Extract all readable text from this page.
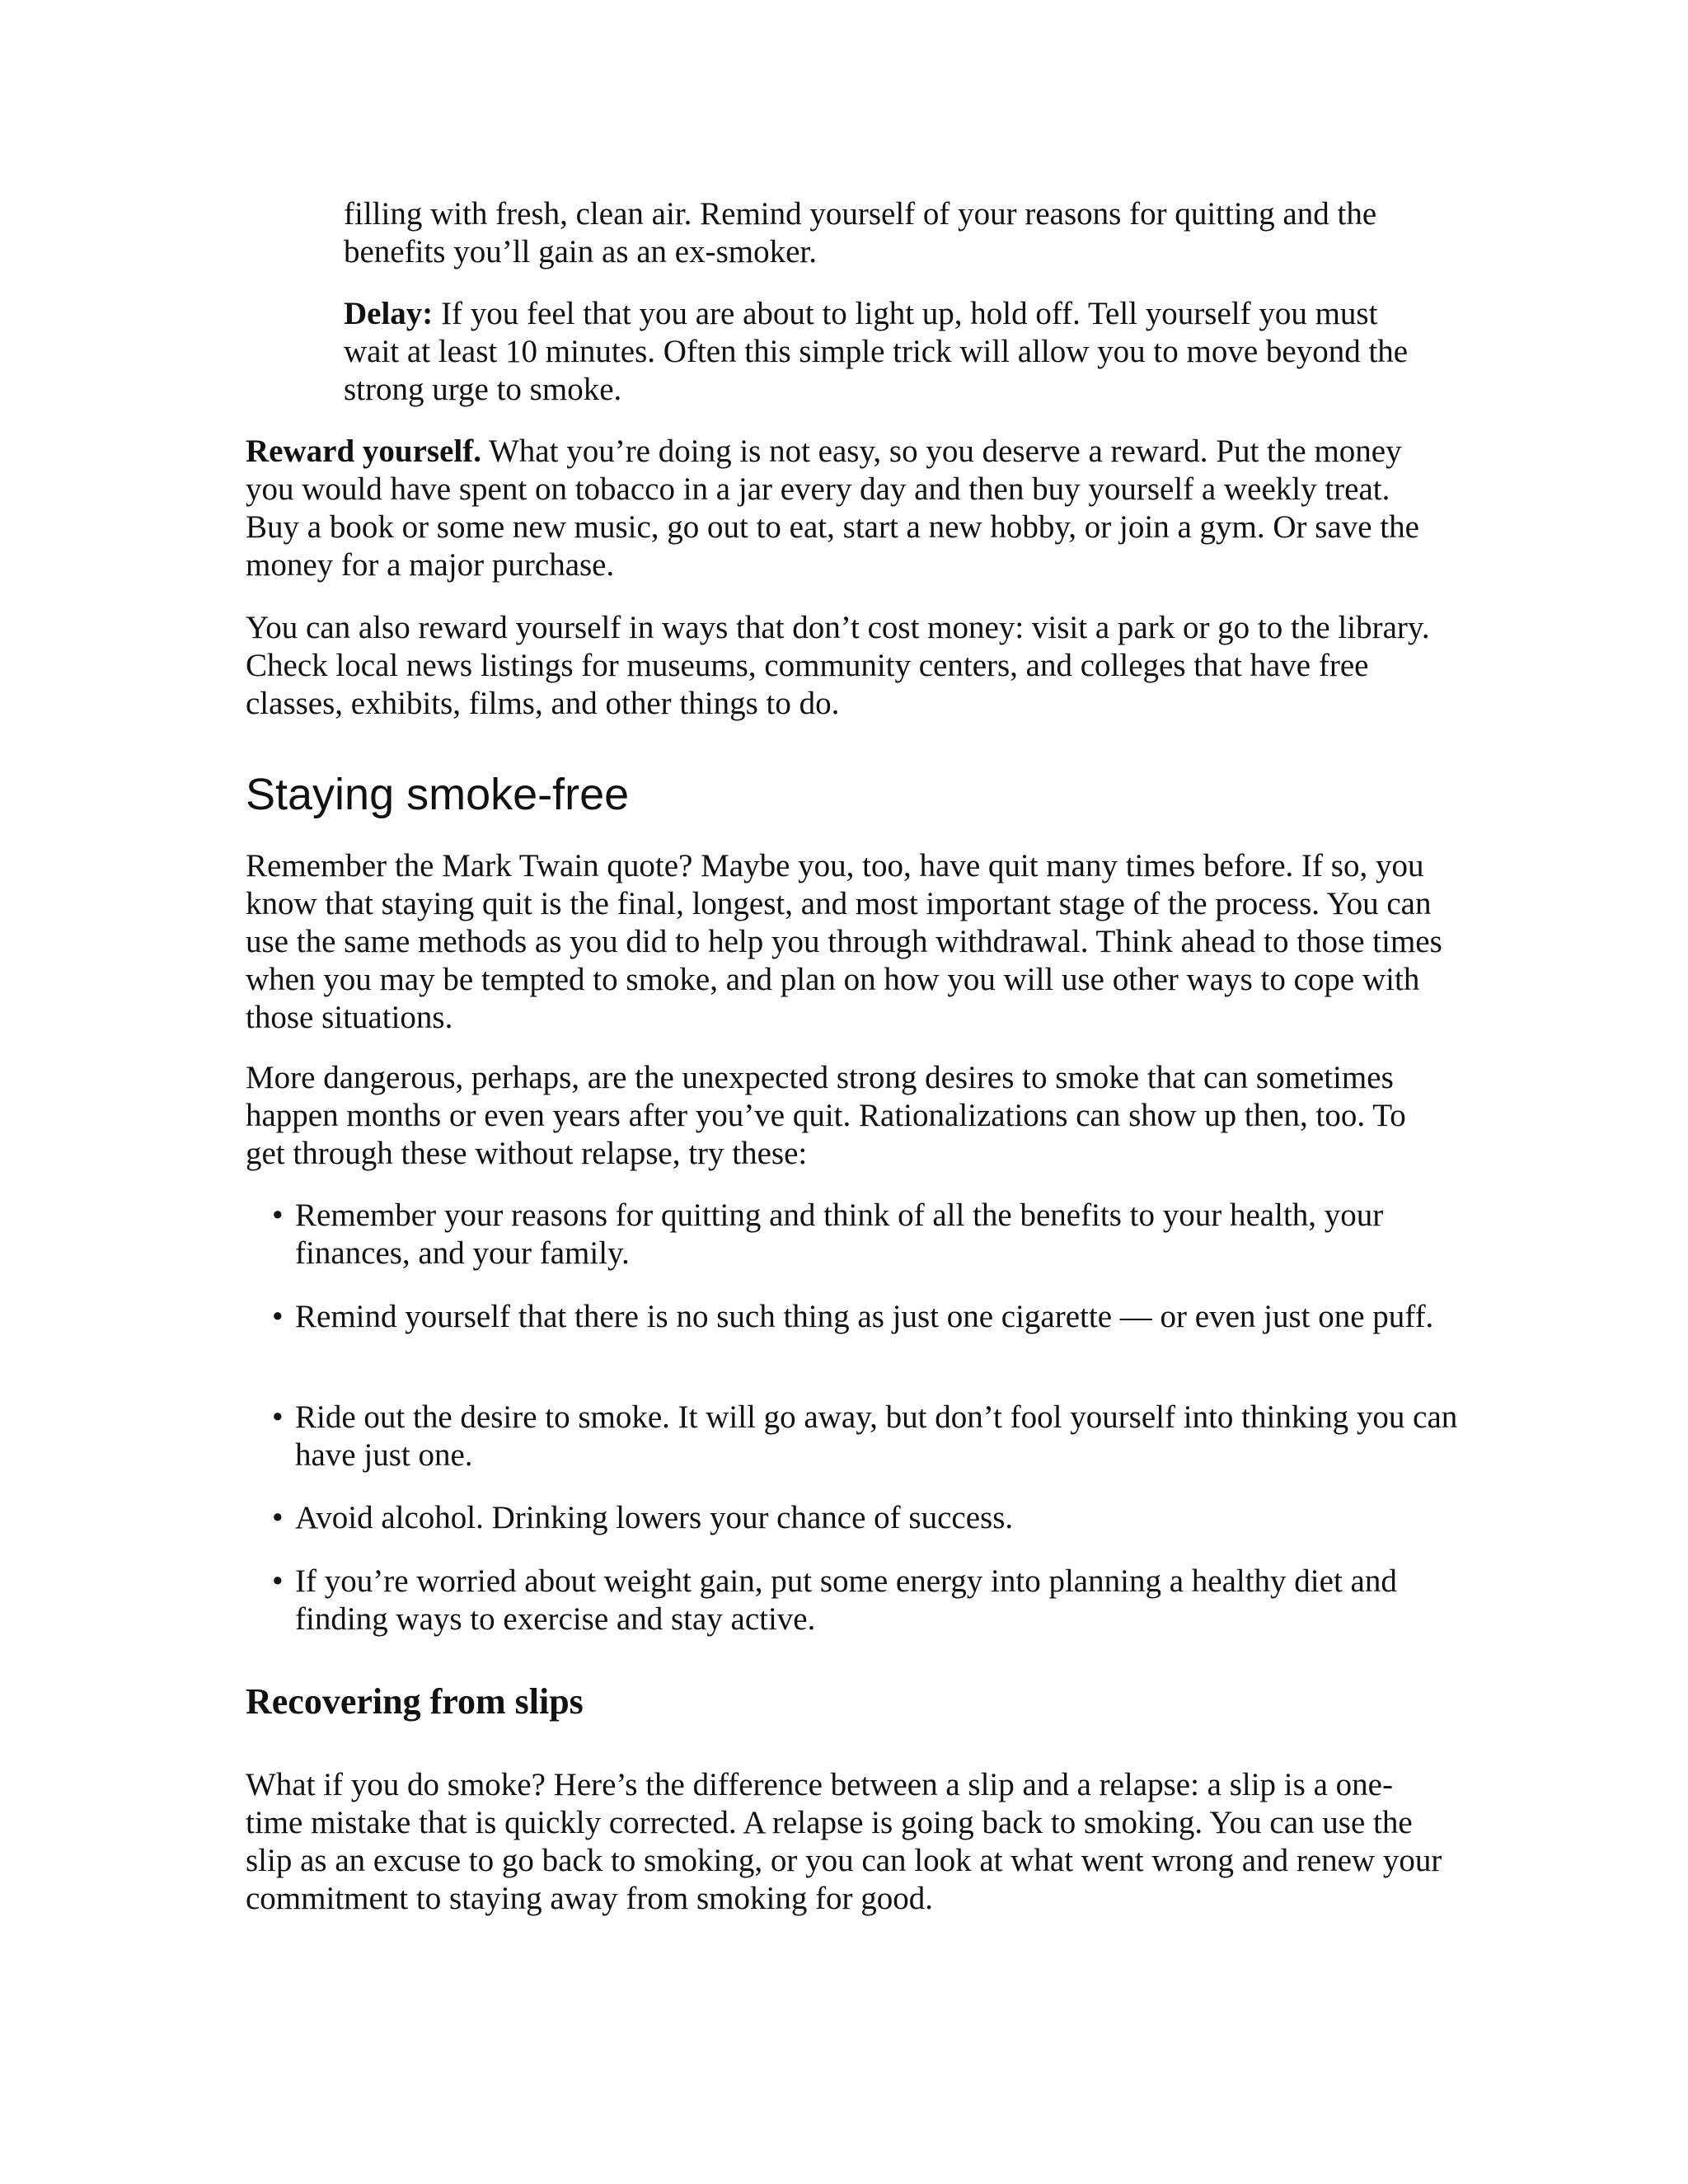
filling with fresh, clean air. Remind yourself of your reasons for quitting and the benefits you’ll gain as an ex-smoker.

Delay: If you feel that you are about to light up, hold off. Tell yourself you must wait at least 10 minutes. Often this simple trick will allow you to move beyond the strong urge to smoke.

Reward yourself. What you’re doing is not easy, so you deserve a reward. Put the money you would have spent on tobacco in a jar every day and then buy yourself a weekly treat. Buy a book or some new music, go out to eat, start a new hobby, or join a gym. Or save the money for a major purchase.

You can also reward yourself in ways that don’t cost money: visit a park or go to the library. Check local news listings for museums, community centers, and colleges that have free classes, exhibits, films, and other things to do.

Staying smoke-free

Remember the Mark Twain quote? Maybe you, too, have quit many times before. If so, you know that staying quit is the final, longest, and most important stage of the process. You can use the same methods as you did to help you through withdrawal. Think ahead to those times when you may be tempted to smoke, and plan on how you will use other ways to cope with those situations.

More dangerous, perhaps, are the unexpected strong desires to smoke that can sometimes happen months or even years after you’ve quit. Rationalizations can show up then, too. To get through these without relapse, try these:

• Remember your reasons for quitting and think of all the benefits to your health, your finances, and your family.
• Remind yourself that there is no such thing as just one cigarette — or even just one puff.
• Ride out the desire to smoke. It will go away, but don’t fool yourself into thinking you can have just one.
• Avoid alcohol. Drinking lowers your chance of success.
• If you’re worried about weight gain, put some energy into planning a healthy diet and finding ways to exercise and stay active.
Recovering from slips

What if you do smoke? Here’s the difference between a slip and a relapse: a slip is a one-time mistake that is quickly corrected. A relapse is going back to smoking. You can use the slip as an excuse to go back to smoking, or you can look at what went wrong and renew your commitment to staying away from smoking for good.
